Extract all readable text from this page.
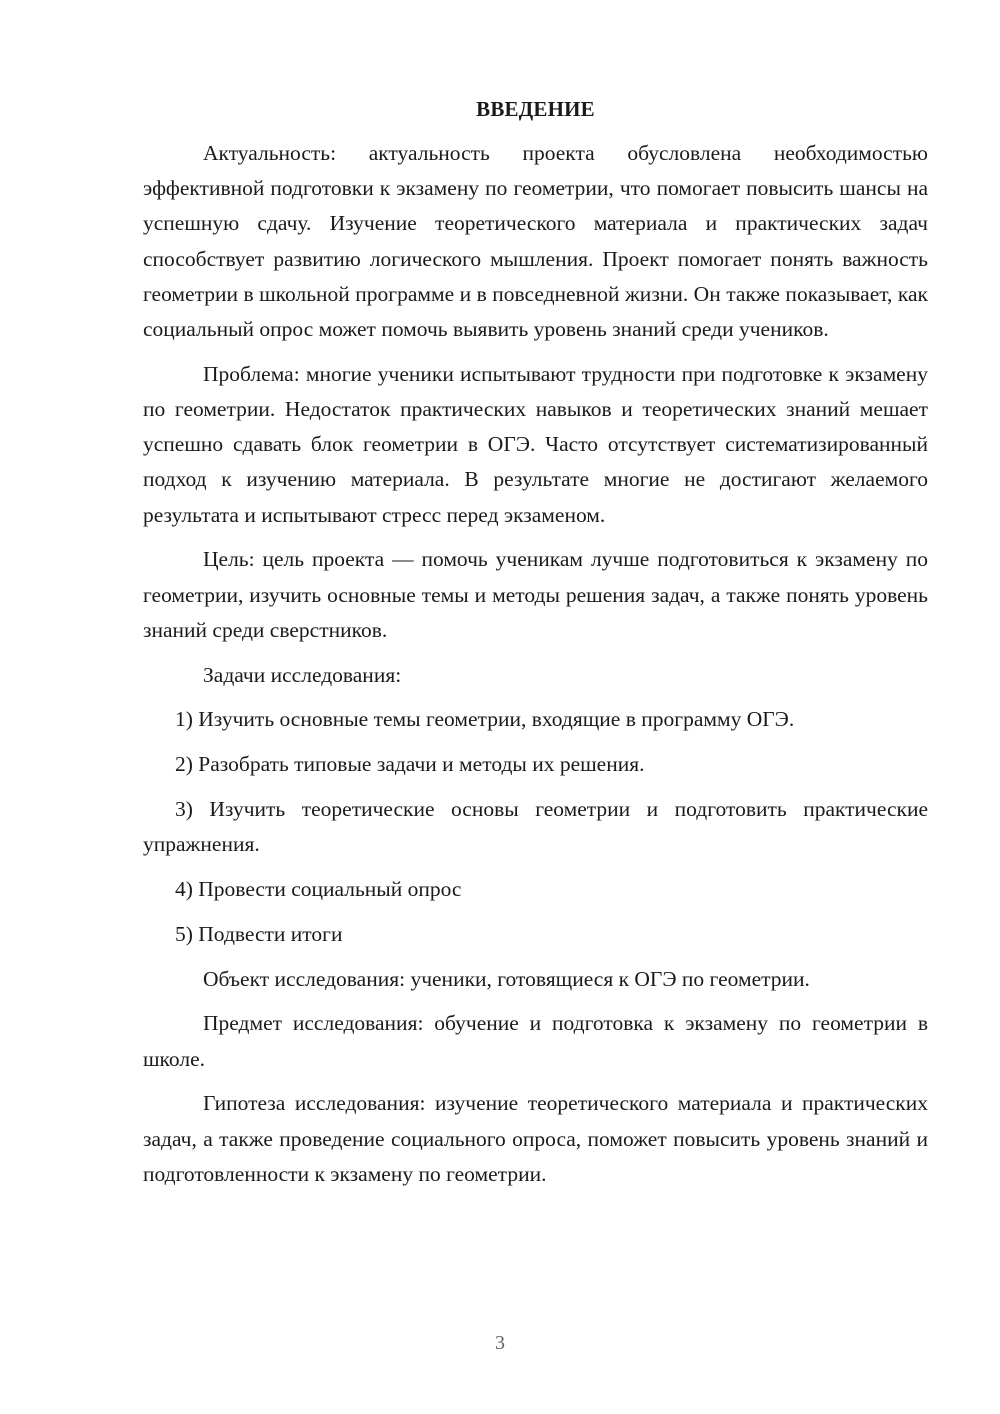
ВВЕДЕНИЕ

Актуальность: актуальность проекта обусловлена необходимостью эффективной подготовки к экзамену по геометрии, что помогает повысить шансы на успешную сдачу. Изучение теоретического материала и практических задач способствует развитию логического мышления. Проект помогает понять важность геометрии в школьной программе и в повседневной жизни. Он также показывает, как социальный опрос может помочь выявить уровень знаний среди учеников.

Проблема: многие ученики испытывают трудности при подготовке к экзамену по геометрии. Недостаток практических навыков и теоретических знаний мешает успешно сдавать блок геометрии в ОГЭ. Часто отсутствует систематизированный подход к изучению материала. В результате многие не достигают желаемого результата и испытывают стресс перед экзаменом.

Цель: цель проекта — помочь ученикам лучше подготовиться к экзамену по геометрии, изучить основные темы и методы решения задач, а также понять уровень знаний среди сверстников.

Задачи исследования:

1) Изучить основные темы геометрии, входящие в программу ОГЭ.

2) Разобрать типовые задачи и методы их решения.

3) Изучить теоретические основы геометрии и подготовить практические упражнения.

4) Провести социальный опрос

5) Подвести итоги

Объект исследования: ученики, готовящиеся к ОГЭ по геометрии.

Предмет исследования: обучение и подготовка к экзамену по геометрии в школе.

Гипотеза исследования: изучение теоретического материала и практических задач, а также проведение социального опроса, поможет повысить уровень знаний и подготовленности к экзамену по геометрии.

3
